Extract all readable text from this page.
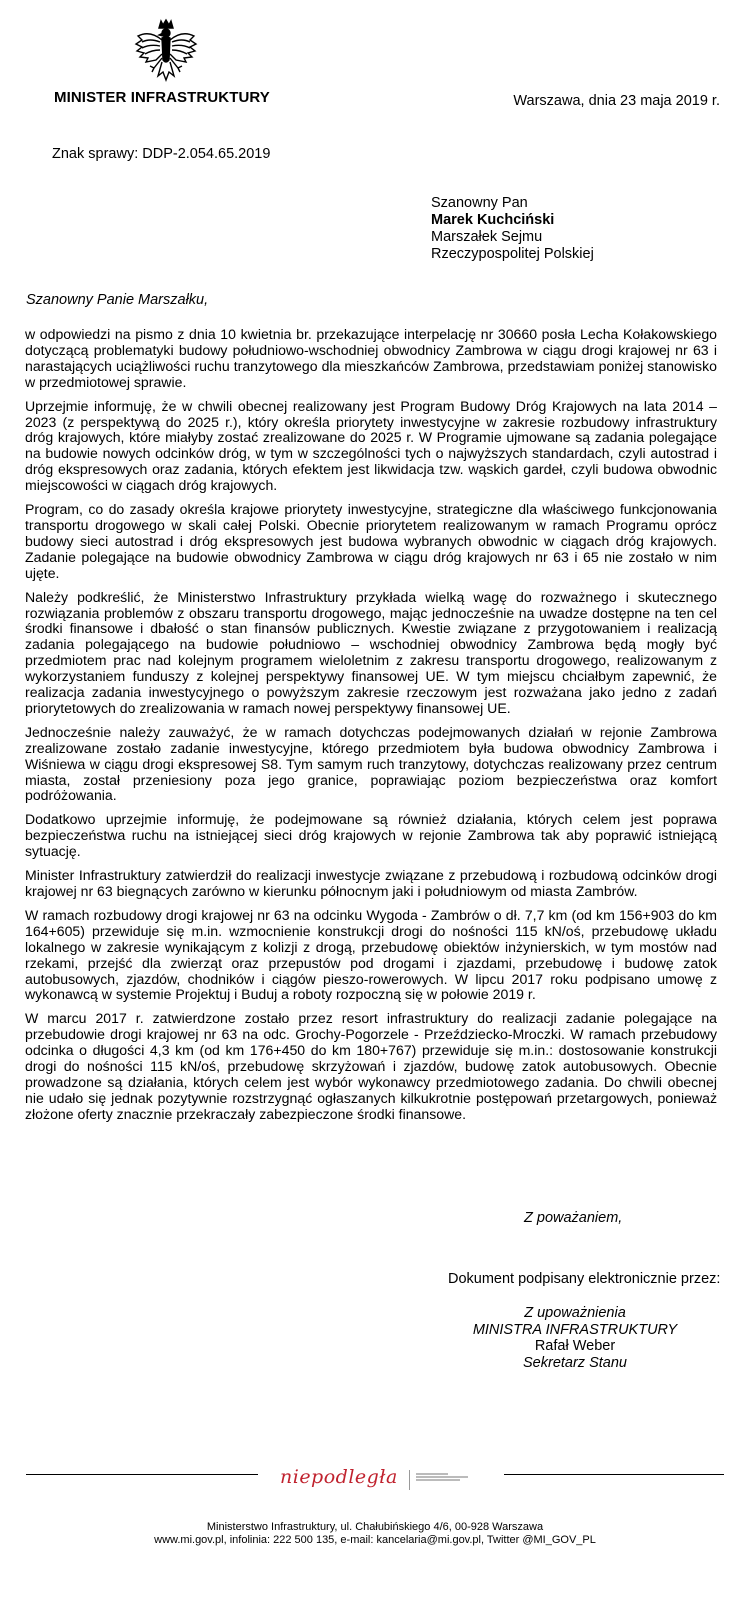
MINISTER INFRASTRUKTURY	Warszawa, dnia 23 maja 2019 r.
Znak sprawy: DDP-2.054.65.2019
Szanowny Pan
Marek Kuchciński
Marszałek Sejmu
Rzeczypospolitej Polskiej
Szanowny Panie Marszałku,

w odpowiedzi na pismo z dnia 10 kwietnia br. przekazujące interpelację nr 30660 posła Lecha Kołakowskiego dotyczącą problematyki budowy południowo-wschodniej obwodnicy Zambrowa w ciągu drogi krajowej nr 63 i narastających uciążliwości ruchu tranzytowego dla mieszkańców Zambrowa, przedstawiam poniżej stanowisko w przedmiotowej sprawie.

Uprzejmie informuję, że w chwili obecnej realizowany jest Program Budowy Dróg Krajowych na lata 2014 – 2023 (z perspektywą do 2025 r.), który określa priorytety inwestycyjne w zakresie rozbudowy infrastruktury dróg krajowych, które miałyby zostać zrealizowane do 2025 r. W Programie ujmowane są zadania polegające na budowie nowych odcinków dróg, w tym w szczególności tych o najwyższych standardach, czyli autostrad i dróg ekspresowych oraz zadania, których efektem jest likwidacja tzw. wąskich gardeł, czyli budowa obwodnic miejscowości w ciągach dróg krajowych.

Program, co do zasady określa krajowe priorytety inwestycyjne, strategiczne dla właściwego funkcjonowania transportu drogowego w skali całej Polski. Obecnie priorytetem realizowanym w ramach Programu oprócz budowy sieci autostrad i dróg ekspresowych jest budowa wybranych obwodnic w ciągach dróg krajowych. Zadanie polegające na budowie obwodnicy Zambrowa w ciągu dróg krajowych nr 63 i 65 nie zostało w nim ujęte.

Należy podkreślić, że Ministerstwo Infrastruktury przykłada wielką wagę do rozważnego i skutecznego rozwiązania problemów z obszaru transportu drogowego, mając jednocześnie na uwadze dostępne na ten cel środki finansowe i dbałość o stan finansów publicznych. Kwestie związane z przygotowaniem i realizacją zadania polegającego na budowie południowo – wschodniej obwodnicy Zambrowa będą mogły być przedmiotem prac nad kolejnym programem wieloletnim z zakresu transportu drogowego, realizowanym z wykorzystaniem funduszy z kolejnej perspektywy finansowej UE. W tym miejscu chciałbym zapewnić, że realizacja zadania inwestycyjnego o powyższym zakresie rzeczowym jest rozważana jako jedno z zadań priorytetowych do zrealizowania w ramach nowej perspektywy finansowej UE.

Jednocześnie należy zauważyć, że w ramach dotychczas podejmowanych działań w rejonie Zambrowa zrealizowane zostało zadanie inwestycyjne, którego przedmiotem była budowa obwodnicy Zambrowa i Wiśniewa w ciągu drogi ekspresowej S8. Tym samym ruch tranzytowy, dotychczas realizowany przez centrum miasta, został przeniesiony poza jego granice, poprawiając poziom bezpieczeństwa oraz komfort podróżowania.

Dodatkowo uprzejmie informuję, że podejmowane są również działania, których celem jest poprawa bezpieczeństwa ruchu na istniejącej sieci dróg krajowych w rejonie Zambrowa tak aby poprawić istniejącą sytuację.

Minister Infrastruktury zatwierdził do realizacji inwestycje związane z przebudową i rozbudową odcinków drogi krajowej nr 63 biegnących zarówno w kierunku północnym jaki i południowym od miasta Zambrów.

W ramach rozbudowy drogi krajowej nr 63 na odcinku Wygoda - Zambrów o dł. 7,7 km (od km 156+903 do km 164+605) przewiduje się m.in. wzmocnienie konstrukcji drogi do nośności 115 kN/oś, przebudowę układu lokalnego w zakresie wynikającym z kolizji z drogą, przebudowę obiektów inżynierskich, w tym mostów nad rzekami, przejść dla zwierząt oraz przepustów pod drogami i zjazdami, przebudowę i budowę zatok autobusowych, zjazdów, chodników i ciągów pieszo-rowerowych. W lipcu 2017 roku podpisano umowę z wykonawcą w systemie Projektuj i Buduj a roboty rozpoczną się w połowie 2019 r.

W marcu 2017 r. zatwierdzone zostało przez resort infrastruktury do realizacji zadanie polegające na przebudowie drogi krajowej nr 63 na odc. Grochy-Pogorzele - Przeździecko-Mroczki. W ramach przebudowy odcinka o długości 4,3 km (od km 176+450 do km 180+767) przewiduje się m.in.: dostosowanie konstrukcji drogi do nośności 115 kN/oś, przebudowę skrzyżowań i zjazdów, budowę zatok autobusowych. Obecnie prowadzone są działania, których celem jest wybór wykonawcy przedmiotowego zadania. Do chwili obecnej nie udało się jednak pozytywnie rozstrzygnąć ogłaszanych kilkukrotnie postępowań przetargowych, ponieważ złożone oferty znacznie przekraczały zabezpieczone środki finansowe.

Z poważaniem,
Dokument podpisany elektronicznie przez:
Z upoważnienia
MINISTRA INFRASTRUKTURY
Rafał Weber
Sekretarz Stanu
niepodległa
Ministerstwo Infrastruktury, ul. Chałubińskiego 4/6, 00-928 Warszawa
www.mi.gov.pl, infolinia: 222 500 135, e-mail: kancelaria@mi.gov.pl, Twitter @MI_GOV_PL
